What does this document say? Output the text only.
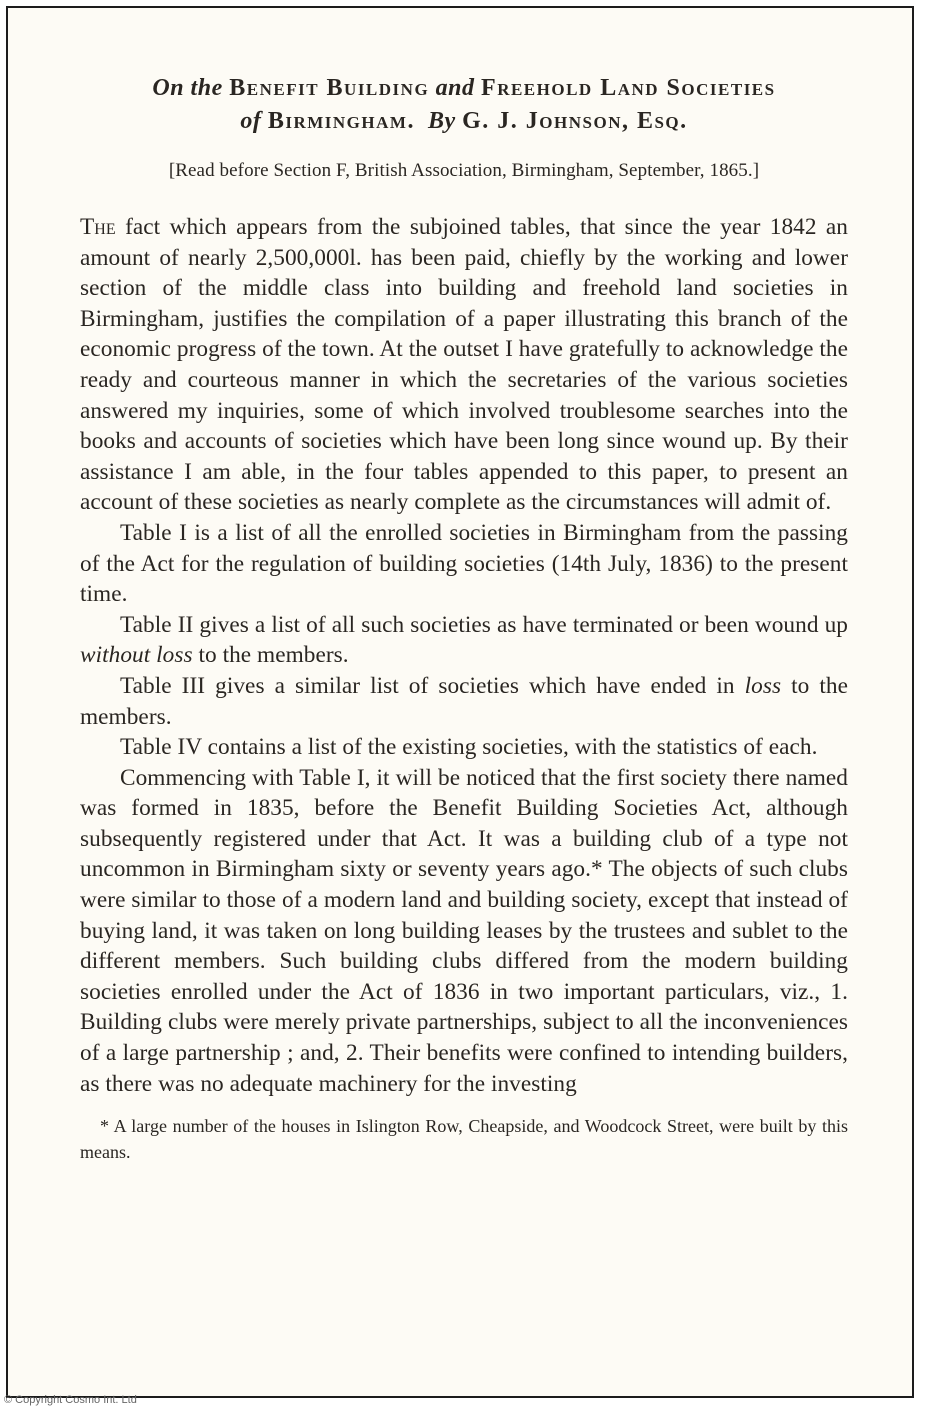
On the Benefit Building and Freehold Land Societies
of Birmingham. By G. J. Johnson, Esq.
[Read before Section F, British Association, Birmingham, September, 1865.]

The fact which appears from the subjoined tables, that since the year 1842 an amount of nearly 2,500,000l. has been paid, chiefly by the working and lower section of the middle class into building and freehold land societies in Birmingham, justifies the compilation of a paper illustrating this branch of the economic progress of the town. At the outset I have gratefully to acknowledge the ready and courteous manner in which the secretaries of the various societies answered my inquiries, some of which involved troublesome searches into the books and accounts of societies which have been long since wound up. By their assistance I am able, in the four tables appended to this paper, to present an account of these societies as nearly complete as the circumstances will admit of.

Table I is a list of all the enrolled societies in Birmingham from the passing of the Act for the regulation of building societies (14th July, 1836) to the present time.

Table II gives a list of all such societies as have terminated or been wound up without loss to the members.

Table III gives a similar list of societies which have ended in loss to the members.

Table IV contains a list of the existing societies, with the statistics of each.

Commencing with Table I, it will be noticed that the first society there named was formed in 1835, before the Benefit Building Societies Act, although subsequently registered under that Act. It was a building club of a type not uncommon in Birmingham sixty or seventy years ago.* The objects of such clubs were similar to those of a modern land and building society, except that instead of buying land, it was taken on long building leases by the trustees and sublet to the different members. Such building clubs differed from the modern building societies enrolled under the Act of 1836 in two important particulars, viz., 1. Building clubs were merely private partnerships, subject to all the inconveniences of a large partnership ; and, 2. Their benefits were confined to intending builders, as there was no adequate machinery for the investing

* A large number of the houses in Islington Row, Cheapside, and Woodcock Street, were built by this means.
© Copyright Cosmo Int. Ltd
